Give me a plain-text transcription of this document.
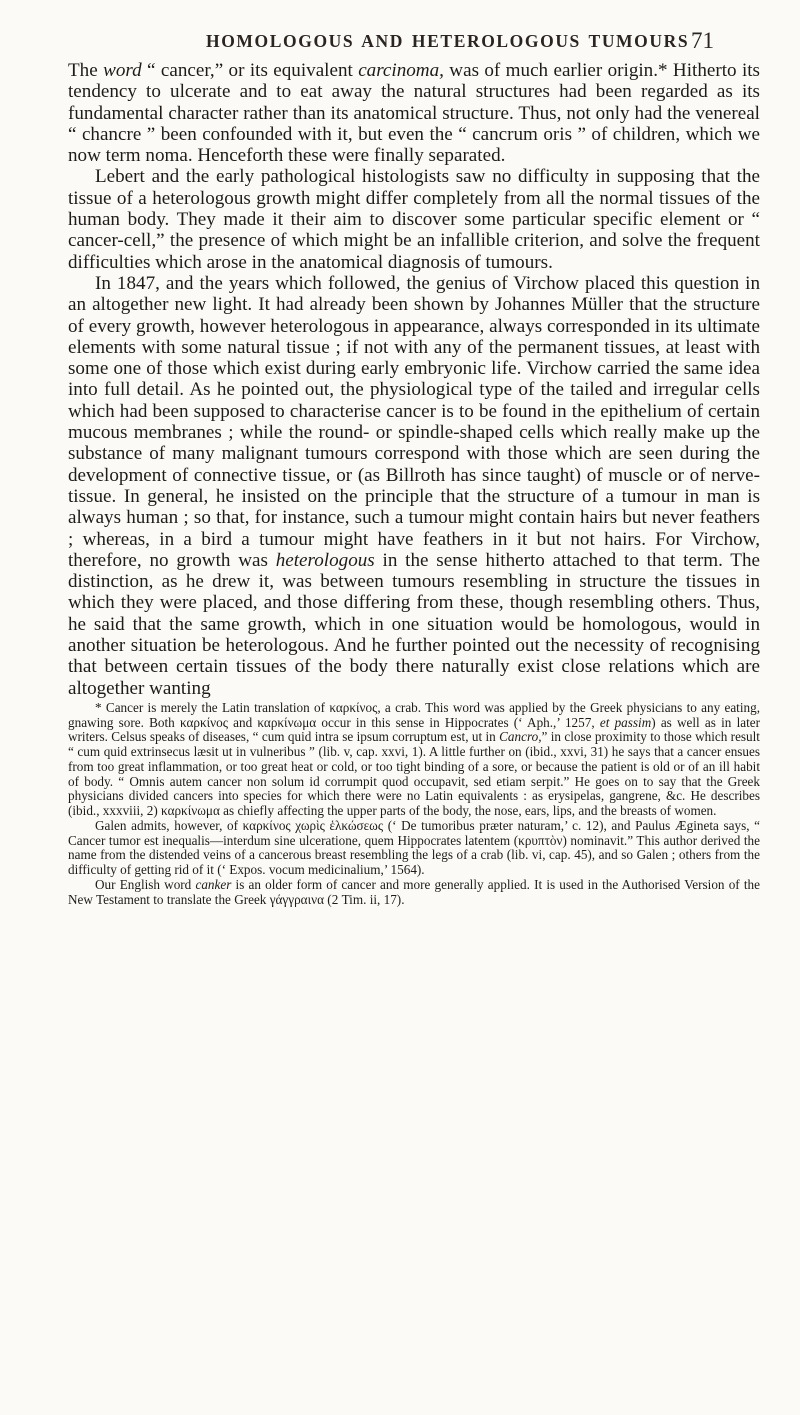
HOMOLOGOUS AND HETEROLOGOUS TUMOURS 71

The word “ cancer,” or its equivalent carcinoma, was of much earlier origin.* Hitherto its tendency to ulcerate and to eat away the natural structures had been regarded as its fundamental character rather than its anatomical structure. Thus, not only had the venereal “ chancre ” been confounded with it, but even the “ cancrum oris ” of children, which we now term noma. Henceforth these were finally separated.

Lebert and the early pathological histologists saw no difficulty in supposing that the tissue of a heterologous growth might differ completely from all the normal tissues of the human body. They made it their aim to discover some particular specific element or “ cancer-cell,” the presence of which might be an infallible criterion, and solve the frequent difficulties which arose in the anatomical diagnosis of tumours.

In 1847, and the years which followed, the genius of Virchow placed this question in an altogether new light. It had already been shown by Johannes Müller that the structure of every growth, however heterologous in appearance, always corresponded in its ultimate elements with some natural tissue ; if not with any of the permanent tissues, at least with some one of those which exist during early embryonic life. Virchow carried the same idea into full detail. As he pointed out, the physiological type of the tailed and irregular cells which had been supposed to characterise cancer is to be found in the epithelium of certain mucous membranes ; while the round- or spindle-shaped cells which really make up the substance of many malignant tumours correspond with those which are seen during the development of connective tissue, or (as Billroth has since taught) of muscle or of nerve-tissue. In general, he insisted on the principle that the structure of a tumour in man is always human ; so that, for instance, such a tumour might contain hairs but never feathers ; whereas, in a bird a tumour might have feathers in it but not hairs. For Virchow, therefore, no growth was heterologous in the sense hitherto attached to that term. The distinction, as he drew it, was between tumours resembling in structure the tissues in which they were placed, and those differing from these, though resembling others. Thus, he said that the same growth, which in one situation would be homologous, would in another situation be heterologous. And he further pointed out the necessity of recognising that between certain tissues of the body there naturally exist close relations which are altogether wanting

* Cancer is merely the Latin translation of καρκίνος, a crab. This word was applied by the Greek physicians to any eating, gnawing sore. Both καρκίνος and καρκίνωμα occur in this sense in Hippocrates (‘ Aph.,’ 1257, et passim) as well as in later writers. Celsus speaks of diseases, “ cum quid intra se ipsum corruptum est, ut in Cancro,” in close proximity to those which result “ cum quid extrinsecus læsit ut in vulneribus ” (lib. v, cap. xxvi, 1). A little further on (ibid., xxvi, 31) he says that a cancer ensues from too great inflammation, or too great heat or cold, or too tight binding of a sore, or because the patient is old or of an ill habit of body. “ Omnis autem cancer non solum id corrumpit quod occupavit, sed etiam serpit.” He goes on to say that the Greek physicians divided cancers into species for which there were no Latin equivalents : as erysipelas, gangrene, &c. He describes (ibid., xxxviii, 2) καρκίνωμα as chiefly affecting the upper parts of the body, the nose, ears, lips, and the breasts of women.

Galen admits, however, of καρκίνος χωρὶς ἑλκώσεως (‘ De tumoribus præter naturam,’ c. 12), and Paulus Ægineta says, “ Cancer tumor est inequalis—interdum sine ulceratione, quem Hippocrates latentem (κρυπτὸν) nominavit.” This author derived the name from the distended veins of a cancerous breast resembling the legs of a crab (lib. vi, cap. 45), and so Galen ; others from the difficulty of getting rid of it (‘ Expos. vocum medicinalium,’ 1564).

Our English word canker is an older form of cancer and more generally applied. It is used in the Authorised Version of the New Testament to translate the Greek γάγγραινα (2 Tim. ii, 17).
